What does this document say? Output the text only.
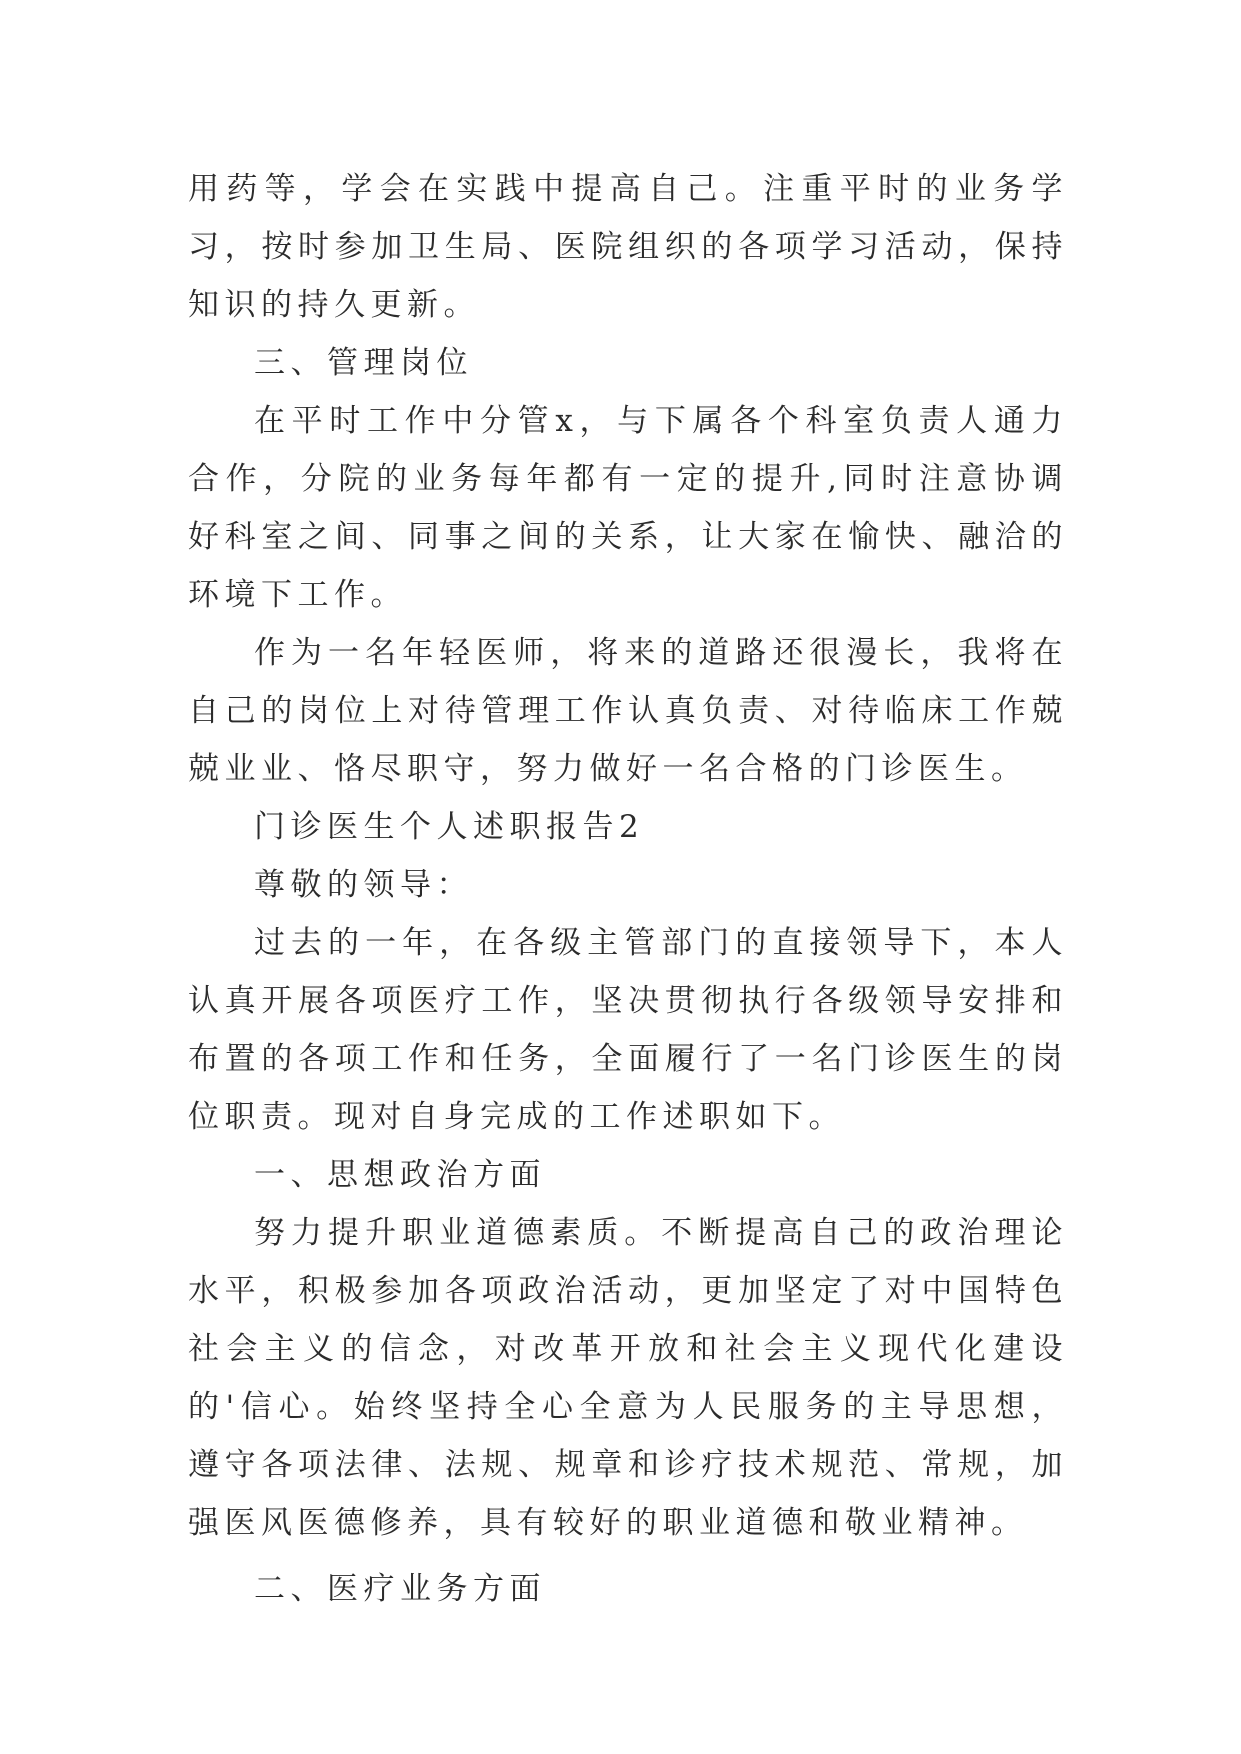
用药等，学会在实践中提高自己。注重平时的业务学习，按时参加卫生局、医院组织的各项学习活动，保持知识的持久更新。

三、管理岗位

在平时工作中分管x，与下属各个科室负责人通力合作，分院的业务每年都有一定的提升,同时注意协调好科室之间、同事之间的关系，让大家在愉快、融洽的环境下工作。

作为一名年轻医师，将来的道路还很漫长，我将在自己的岗位上对待管理工作认真负责、对待临床工作兢兢业业、恪尽职守，努力做好一名合格的门诊医生。

门诊医生个人述职报告2

尊敬的领导：

过去的一年，在各级主管部门的直接领导下，本人认真开展各项医疗工作，坚决贯彻执行各级领导安排和布置的各项工作和任务，全面履行了一名门诊医生的岗位职责。现对自身完成的工作述职如下。

一、思想政治方面

努力提升职业道德素质。不断提高自己的政治理论水平，积极参加各项政治活动，更加坚定了对中国特色社会主义的信念，对改革开放和社会主义现代化建设的'信心。始终坚持全心全意为人民服务的主导思想，遵守各项法律、法规、规章和诊疗技术规范、常规，加强医风医德修养，具有较好的职业道德和敬业精神。

二、医疗业务方面
